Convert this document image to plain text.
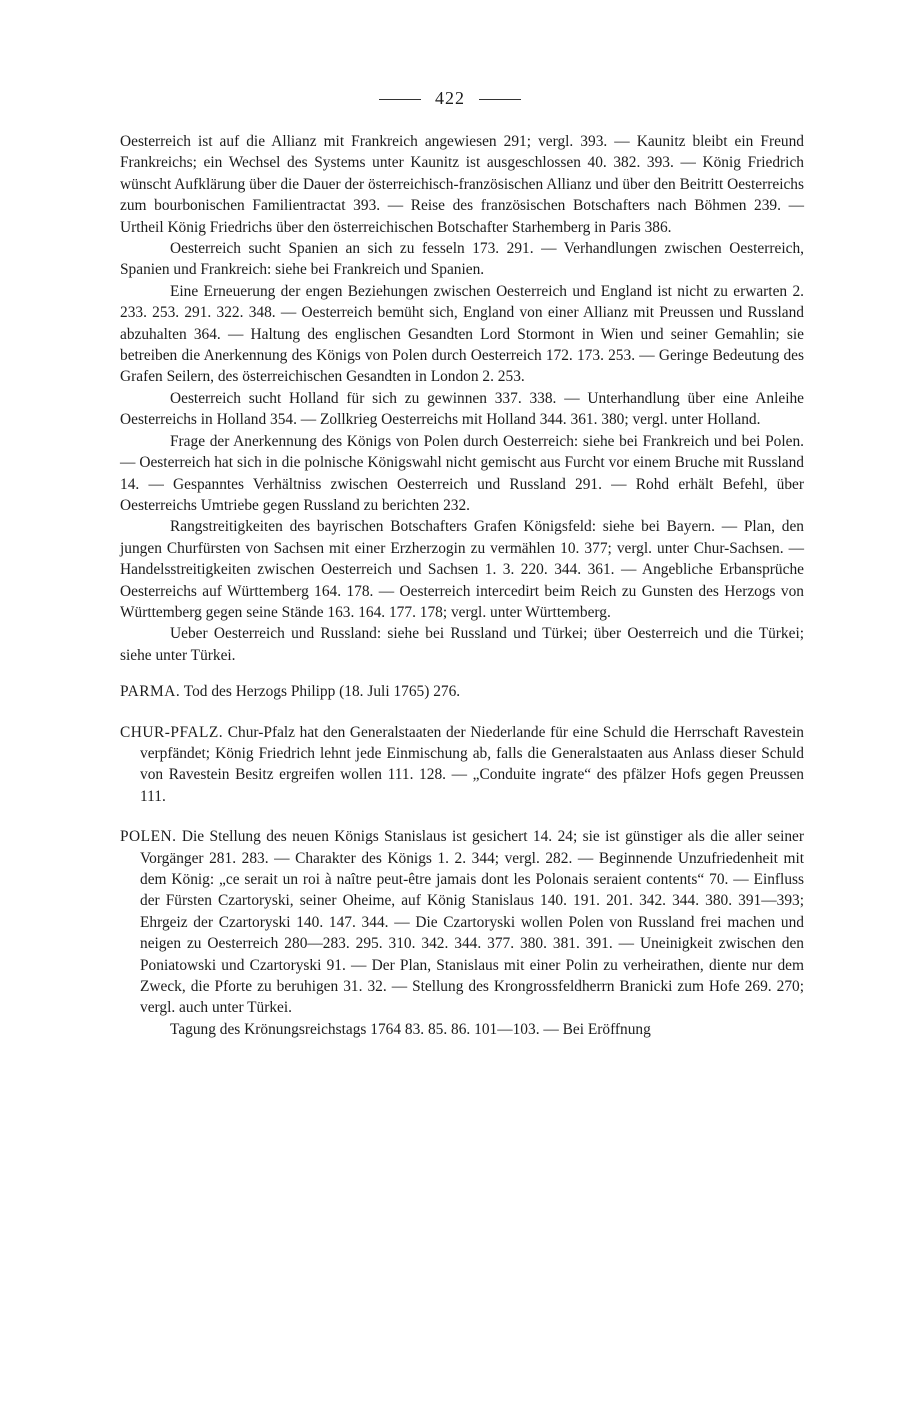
422

Oesterreich ist auf die Allianz mit Frankreich angewiesen 291; vergl. 393. — Kaunitz bleibt ein Freund Frankreichs; ein Wechsel des Systems unter Kaunitz ist ausgeschlossen 40. 382. 393. — König Friedrich wünscht Aufklärung über die Dauer der österreichisch-französischen Allianz und über den Beitritt Oesterreichs zum bourbonischen Familientractat 393. — Reise des französischen Botschafters nach Böhmen 239. — Urtheil König Friedrichs über den österreichischen Botschafter Starhemberg in Paris 386.

Oesterreich sucht Spanien an sich zu fesseln 173. 291. — Verhandlungen zwischen Oesterreich, Spanien und Frankreich: siehe bei Frankreich und Spanien.

Eine Erneuerung der engen Beziehungen zwischen Oesterreich und England ist nicht zu erwarten 2. 233. 253. 291. 322. 348. — Oesterreich bemüht sich, England von einer Allianz mit Preussen und Russland abzuhalten 364. — Haltung des englischen Gesandten Lord Stormont in Wien und seiner Gemahlin; sie betreiben die Anerkennung des Königs von Polen durch Oesterreich 172. 173. 253. — Geringe Bedeutung des Grafen Seilern, des österreichischen Gesandten in London 2. 253.

Oesterreich sucht Holland für sich zu gewinnen 337. 338. — Unterhandlung über eine Anleihe Oesterreichs in Holland 354. — Zollkrieg Oesterreichs mit Holland 344. 361. 380; vergl. unter Holland.

Frage der Anerkennung des Königs von Polen durch Oesterreich: siehe bei Frankreich und bei Polen. — Oesterreich hat sich in die polnische Königswahl nicht gemischt aus Furcht vor einem Bruche mit Russland 14. — Gespanntes Verhältniss zwischen Oesterreich und Russland 291. — Rohd erhält Befehl, über Oesterreichs Umtriebe gegen Russland zu berichten 232.

Rangstreitigkeiten des bayrischen Botschafters Grafen Königsfeld: siehe bei Bayern. — Plan, den jungen Churfürsten von Sachsen mit einer Erzherzogin zu vermählen 10. 377; vergl. unter Chur-Sachsen. — Handelsstreitigkeiten zwischen Oesterreich und Sachsen 1. 3. 220. 344. 361. — Angebliche Erbansprüche Oesterreichs auf Württemberg 164. 178. — Oesterreich intercedirt beim Reich zu Gunsten des Herzogs von Württemberg gegen seine Stände 163. 164. 177. 178; vergl. unter Württemberg.

Ueber Oesterreich und Russland: siehe bei Russland und Türkei; über Oesterreich und die Türkei; siehe unter Türkei.

PARMA. Tod des Herzogs Philipp (18. Juli 1765) 276.

CHUR-PFALZ. Chur-Pfalz hat den Generalstaaten der Niederlande für eine Schuld die Herrschaft Ravestein verpfändet; König Friedrich lehnt jede Einmischung ab, falls die Generalstaaten aus Anlass dieser Schuld von Ravestein Besitz ergreifen wollen 111. 128. — „Conduite ingrate“ des pfälzer Hofs gegen Preussen 111.

POLEN. Die Stellung des neuen Königs Stanislaus ist gesichert 14. 24; sie ist günstiger als die aller seiner Vorgänger 281. 283. — Charakter des Königs 1. 2. 344; vergl. 282. — Beginnende Unzufriedenheit mit dem König: „ce serait un roi à naître peut-être jamais dont les Polonais seraient contents“ 70. — Einfluss der Fürsten Czartoryski, seiner Oheime, auf König Stanislaus 140. 191. 201. 342. 344. 380. 391—393; Ehrgeiz der Czartoryski 140. 147. 344. — Die Czartoryski wollen Polen von Russland frei machen und neigen zu Oesterreich 280—283. 295. 310. 342. 344. 377. 380. 381. 391. — Uneinigkeit zwischen den Poniatowski und Czartoryski 91. — Der Plan, Stanislaus mit einer Polin zu verheirathen, diente nur dem Zweck, die Pforte zu beruhigen 31. 32. — Stellung des Krongrossfeldherrn Branicki zum Hofe 269. 270; vergl. auch unter Türkei.

Tagung des Krönungsreichstags 1764 83. 85. 86. 101—103. — Bei Eröffnung
